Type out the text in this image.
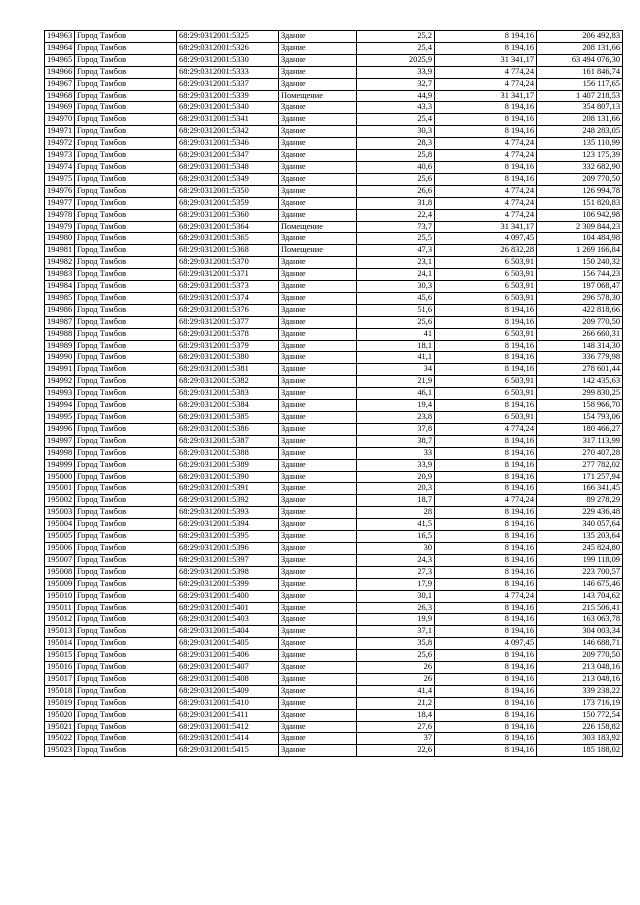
194963	Город Тамбов	68:29:0312001:5325	Здание	25,2	8 194,16	206 492,83
194964	Город Тамбов	68:29:0312001:5326	Здание	25,4	8 194,16	208 131,66
194965	Город Тамбов	68:29:0312001:5330	Здание	2025,9	31 341,17	63 494 076,30
194966	Город Тамбов	68:29:0312001:5333	Здание	33,9	4 774,24	161 846,74
194967	Город Тамбов	68:29:0312001:5337	Здание	32,7	4 774,24	156 117,65
194968	Город Тамбов	68:29:0312001:5339	Помещение	44,9	31 341,17	1 407 218,53
194969	Город Тамбов	68:29:0312001:5340	Здание	43,3	8 194,16	354 807,13
194970	Город Тамбов	68:29:0312001:5341	Здание	25,4	8 194,16	208 131,66
194971	Город Тамбов	68:29:0312001:5342	Здание	30,3	8 194,16	248 283,05
194972	Город Тамбов	68:29:0312001:5346	Здание	28,3	4 774,24	135 110,99
194973	Город Тамбов	68:29:0312001:5347	Здание	25,8	4 774,24	123 175,39
194974	Город Тамбов	68:29:0312001:5348	Здание	40,6	8 194,16	332 682,90
194975	Город Тамбов	68:29:0312001:5349	Здание	25,6	8 194,16	209 770,50
194976	Город Тамбов	68:29:0312001:5350	Здание	26,6	4 774,24	126 994,78
194977	Город Тамбов	68:29:0312001:5359	Здание	31,8	4 774,24	151 820,83
194978	Город Тамбов	68:29:0312001:5360	Здание	22,4	4 774,24	106 942,98
194979	Город Тамбов	68:29:0312001:5364	Помещение	73,7	31 341,17	2 309 844,23
194980	Город Тамбов	68:29:0312001:5365	Здание	25,5	4 097,45	104 484,98
194981	Город Тамбов	68:29:0312001:5368	Помещение	47,3	26 832,28	1 269 166,84
194982	Город Тамбов	68:29:0312001:5370	Здание	23,1	6 503,91	150 240,32
194983	Город Тамбов	68:29:0312001:5371	Здание	24,1	6 503,91	156 744,23
194984	Город Тамбов	68:29:0312001:5373	Здание	30,3	6 503,91	197 068,47
194985	Город Тамбов	68:29:0312001:5374	Здание	45,6	6 503,91	296 578,30
194986	Город Тамбов	68:29:0312001:5376	Здание	51,6	8 194,16	422 818,66
194987	Город Тамбов	68:29:0312001:5377	Здание	25,6	8 194,16	209 770,50
194988	Город Тамбов	68:29:0312001:5378	Здание	41	6 503,91	266 660,31
194989	Город Тамбов	68:29:0312001:5379	Здание	18,1	8 194,16	148 314,30
194990	Город Тамбов	68:29:0312001:5380	Здание	41,1	8 194,16	336 779,98
194991	Город Тамбов	68:29:0312001:5381	Здание	34	8 194,16	278 601,44
194992	Город Тамбов	68:29:0312001:5382	Здание	21,9	6 503,91	142 435,63
194993	Город Тамбов	68:29:0312001:5383	Здание	46,1	6 503,91	299 830,25
194994	Город Тамбов	68:29:0312001:5384	Здание	19,4	8 194,16	158 966,70
194995	Город Тамбов	68:29:0312001:5385	Здание	23,8	6 503,91	154 793,06
194996	Город Тамбов	68:29:0312001:5386	Здание	37,8	4 774,24	180 466,27
194997	Город Тамбов	68:29:0312001:5387	Здание	38,7	8 194,16	317 113,99
194998	Город Тамбов	68:29:0312001:5388	Здание	33	8 194,16	270 407,28
194999	Город Тамбов	68:29:0312001:5389	Здание	33,9	8 194,16	277 782,02
195000	Город Тамбов	68:29:0312001:5390	Здание	20,9	8 194,16	171 257,94
195001	Город Тамбов	68:29:0312001:5391	Здание	20,3	8 194,16	166 341,45
195002	Город Тамбов	68:29:0312001:5392	Здание	18,7	4 774,24	89 278,29
195003	Город Тамбов	68:29:0312001:5393	Здание	28	8 194,16	229 436,48
195004	Город Тамбов	68:29:0312001:5394	Здание	41,5	8 194,16	340 057,64
195005	Город Тамбов	68:29:0312001:5395	Здание	16,5	8 194,16	135 203,64
195006	Город Тамбов	68:29:0312001:5396	Здание	30	8 194,16	245 824,80
195007	Город Тамбов	68:29:0312001:5397	Здание	24,3	8 194,16	199 118,09
195008	Город Тамбов	68:29:0312001:5398	Здание	27,3	8 194,16	223 700,57
195009	Город Тамбов	68:29:0312001:5399	Здание	17,9	8 194,16	146 675,46
195010	Город Тамбов	68:29:0312001:5400	Здание	30,1	4 774,24	143 704,62
195011	Город Тамбов	68:29:0312001:5401	Здание	26,3	8 194,16	215 506,41
195012	Город Тамбов	68:29:0312001:5403	Здание	19,9	8 194,16	163 063,78
195013	Город Тамбов	68:29:0312001:5404	Здание	37,1	8 194,16	304 003,34
195014	Город Тамбов	68:29:0312001:5405	Здание	35,8	4 097,45	146 688,71
195015	Город Тамбов	68:29:0312001:5406	Здание	25,6	8 194,16	209 770,50
195016	Город Тамбов	68:29:0312001:5407	Здание	26	8 194,16	213 048,16
195017	Город Тамбов	68:29:0312001:5408	Здание	26	8 194,16	213 048,16
195018	Город Тамбов	68:29:0312001:5409	Здание	41,4	8 194,16	339 238,22
195019	Город Тамбов	68:29:0312001:5410	Здание	21,2	8 194,16	173 716,19
195020	Город Тамбов	68:29:0312001:5411	Здание	18,4	8 194,16	150 772,54
195021	Город Тамбов	68:29:0312001:5412	Здание	27,6	8 194,16	226 158,82
195022	Город Тамбов	68:29:0312001:5414	Здание	37	8 194,16	303 183,92
195023	Город Тамбов	68:29:0312001:5415	Здание	22,6	8 194,16	185 188,02
